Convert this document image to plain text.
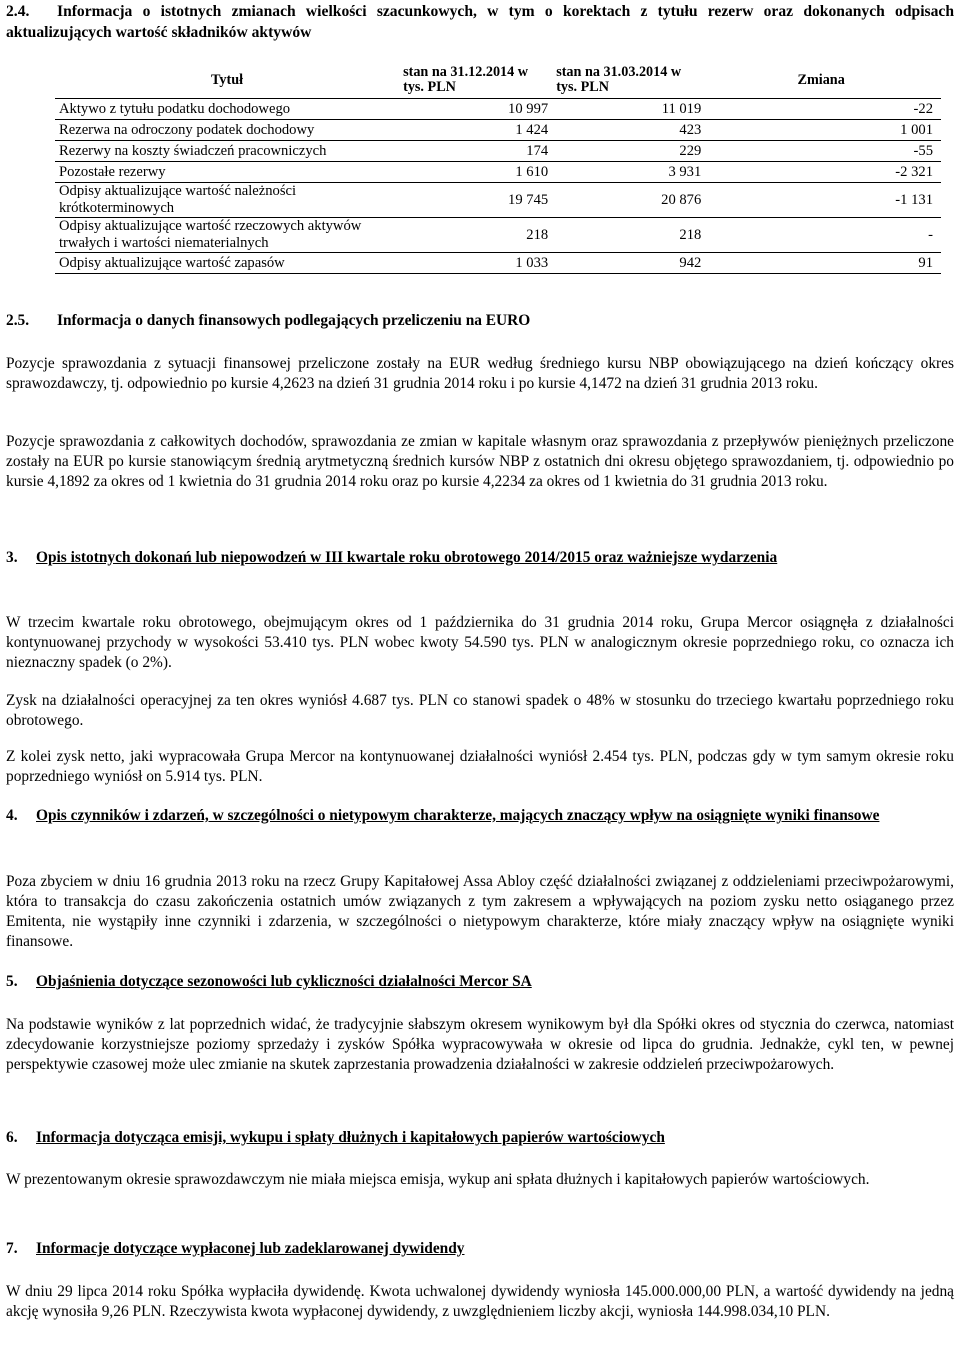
2.4. Informacja o istotnych zmianach wielkości szacunkowych, w tym o korektach z tytułu rezerw oraz dokonanych odpisach aktualizujących wartość składników aktywów
Tytuł	stan na 31.12.2014 w tys. PLN	stan na 31.03.2014 w tys. PLN	Zmiana
Aktywo z tytułu podatku dochodowego	10 997	11 019	-22
Rezerwa na odroczony podatek dochodowy	1 424	423	1 001
Rezerwy na koszty świadczeń pracowniczych	174	229	-55
Pozostałe rezerwy	1 610	3 931	-2 321
Odpisy aktualizujące wartość należności krótkoterminowych	19 745	20 876	-1 131
Odpisy aktualizujące wartość rzeczowych aktywów trwałych i wartości niematerialnych	218	218	-
Odpisy aktualizujące wartość zapasów	1 033	942	91
2.5. Informacja o danych finansowych podlegających przeliczeniu na EURO
Pozycje sprawozdania z sytuacji finansowej przeliczone zostały na EUR według średniego kursu NBP obowiązującego na dzień kończący okres sprawozdawczy, tj. odpowiednio po kursie 4,2623 na dzień 31 grudnia 2014 roku i po kursie 4,1472 na dzień 31 grudnia 2013 roku.
Pozycje sprawozdania z całkowitych dochodów, sprawozdania ze zmian w kapitale własnym oraz sprawozdania z przepływów pieniężnych przeliczone zostały na EUR po kursie stanowiącym średnią arytmetyczną średnich kursów NBP z ostatnich dni okresu objętego sprawozdaniem, tj. odpowiednio po kursie 4,1892 za okres od 1 kwietnia do 31 grudnia 2014 roku oraz po kursie 4,2234 za okres od 1 kwietnia do 31 grudnia 2013 roku.
3. Opis istotnych dokonań lub niepowodzeń w III kwartale roku obrotowego 2014/2015 oraz ważniejsze wydarzenia
W trzecim kwartale roku obrotowego, obejmującym okres od 1 października do 31 grudnia 2014 roku, Grupa Mercor osiągnęła z działalności kontynuowanej przychody w wysokości 53.410 tys. PLN wobec kwoty 54.590 tys. PLN w analogicznym okresie poprzedniego roku, co oznacza ich nieznaczny spadek (o 2%).
Zysk na działalności operacyjnej za ten okres wyniósł 4.687 tys. PLN co stanowi spadek o 48% w stosunku do trzeciego kwartału poprzedniego roku obrotowego.
Z kolei zysk netto, jaki wypracowała Grupa Mercor na kontynuowanej działalności wyniósł 2.454 tys. PLN, podczas gdy w tym samym okresie roku poprzedniego wyniósł on 5.914 tys. PLN.
4. Opis czynników i zdarzeń, w szczególności o nietypowym charakterze, mających znaczący wpływ na osiągnięte wyniki finansowe
Poza zbyciem w dniu 16 grudnia 2013 roku na rzecz Grupy Kapitałowej Assa Abloy część działalności związanej z oddzieleniami przeciwpożarowymi, która to transakcja do czasu zakończenia ostatnich umów związanych z tym zakresem a wpływających na poziom zysku netto osiąganego przez Emitenta, nie wystąpiły inne czynniki i zdarzenia, w szczególności o nietypowym charakterze, które miały znaczący wpływ na osiągnięte wyniki finansowe.
5. Objaśnienia dotyczące sezonowości lub cykliczności działalności Mercor SA
Na podstawie wyników z lat poprzednich widać, że tradycyjnie słabszym okresem wynikowym był dla Spółki okres od stycznia do czerwca, natomiast zdecydowanie korzystniejsze poziomy sprzedaży i zysków Spółka wypracowywała w okresie od lipca do grudnia. Jednakże, cykl ten, w pewnej perspektywie czasowej może ulec zmianie na skutek zaprzestania prowadzenia działalności w zakresie oddzieleń przeciwpożarowych.
6. Informacja dotycząca emisji, wykupu i spłaty dłużnych i kapitałowych papierów wartościowych
W prezentowanym okresie sprawozdawczym nie miała miejsca emisja, wykup ani spłata dłużnych i kapitałowych papierów wartościowych.
7. Informacje dotyczące wypłaconej lub zadeklarowanej dywidendy
W dniu 29 lipca 2014 roku Spółka wypłaciła dywidendę. Kwota uchwalonej dywidendy wyniosła 145.000.000,00 PLN, a wartość dywidendy na jedną akcję wynosiła 9,26 PLN. Rzeczywista kwota wypłaconej dywidendy, z uwzględnieniem liczby akcji, wyniosła 144.998.034,10 PLN.
